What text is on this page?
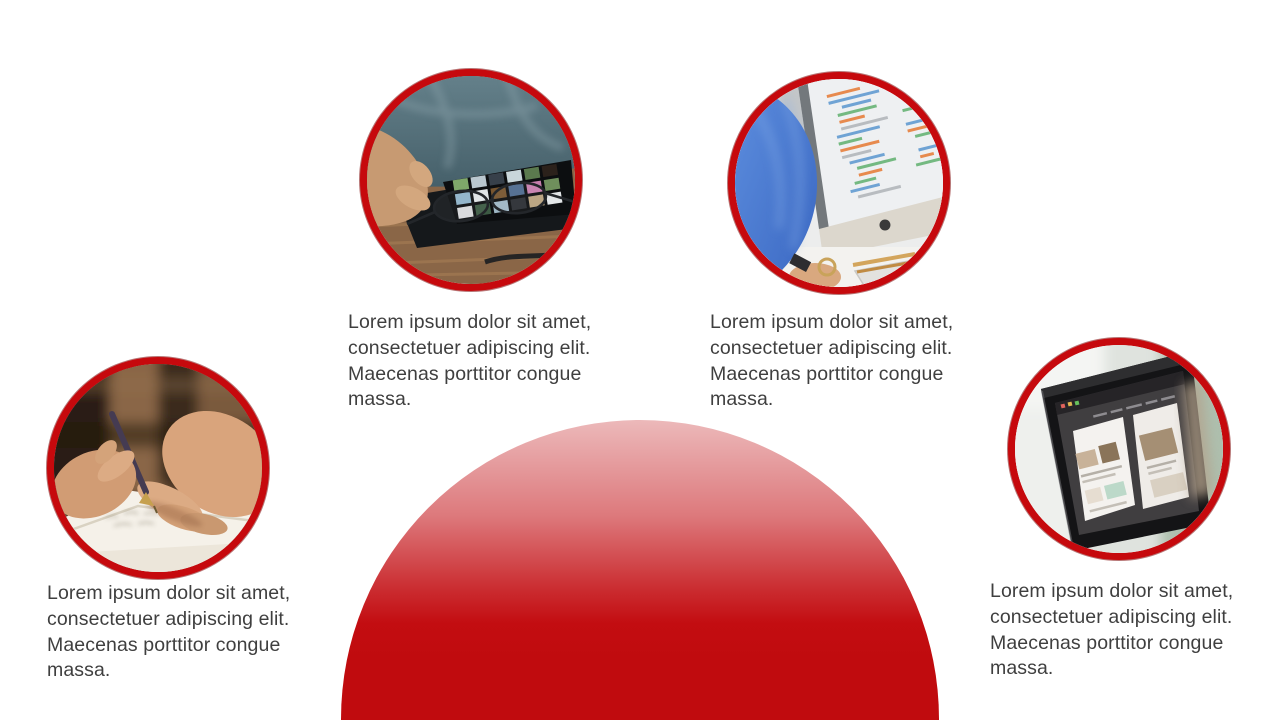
Lorem ipsum dolor sit amet,
consectetuer adipiscing elit.
Maecenas porttitor congue
massa.
Lorem ipsum dolor sit amet,
consectetuer adipiscing elit.
Maecenas porttitor congue
massa.
Lorem ipsum dolor sit amet,
consectetuer adipiscing elit.
Maecenas porttitor congue
massa.
Lorem ipsum dolor sit amet,
consectetuer adipiscing elit.
Maecenas porttitor congue
massa.
